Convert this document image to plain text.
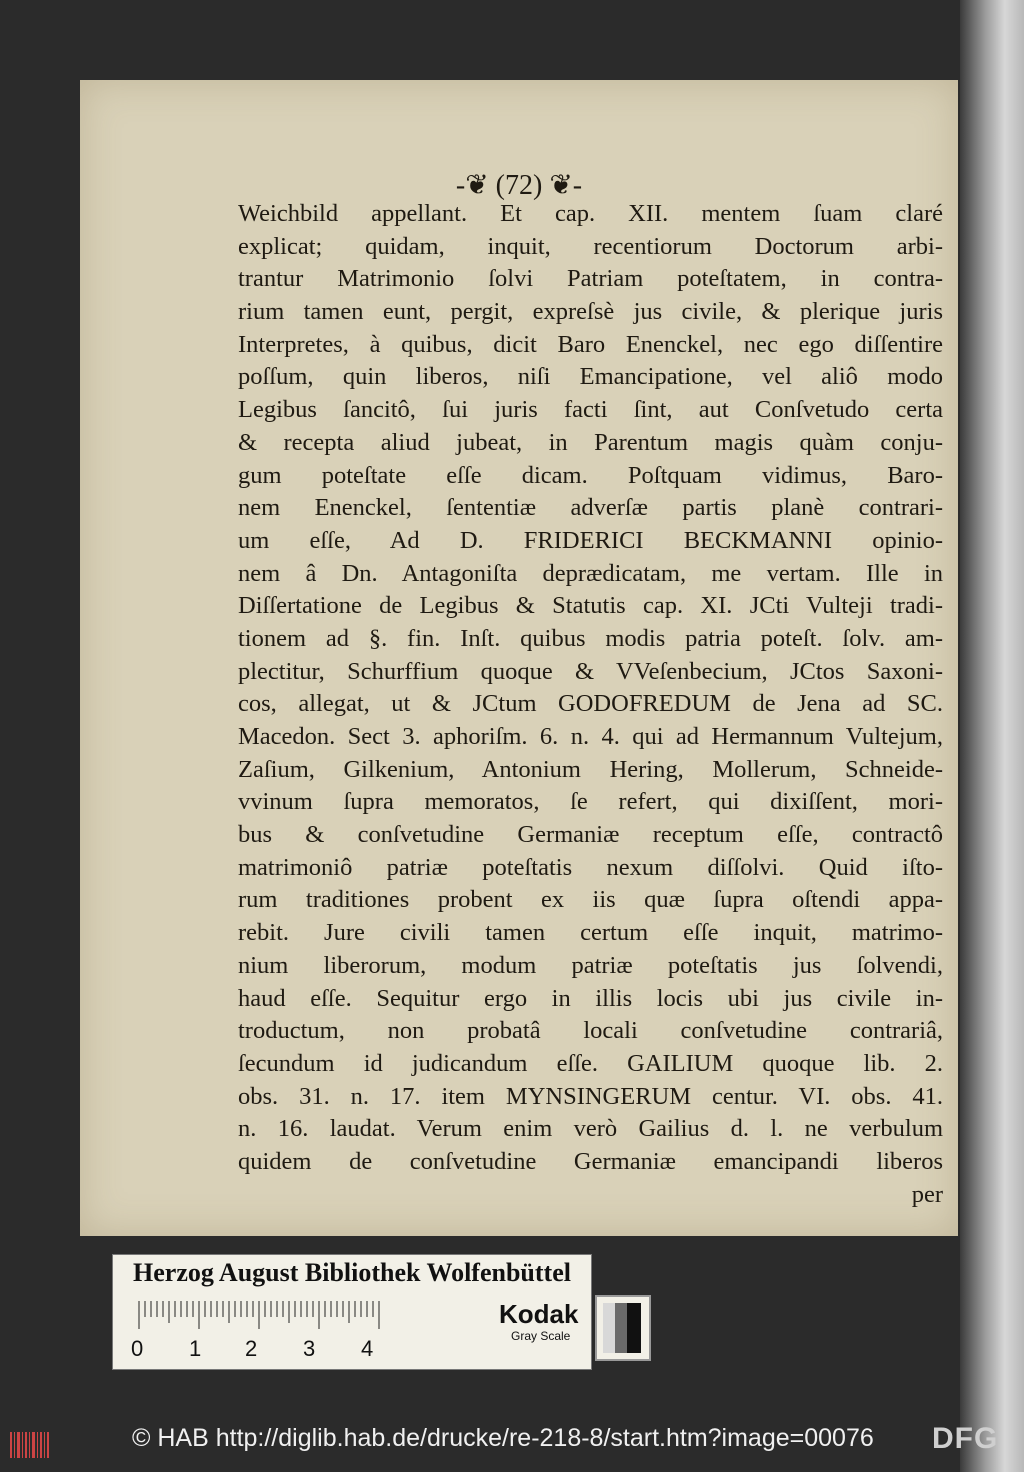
-❦ (72) ❦-
Weichbild appellant. Et cap. XII. mentem ſuam claré
explicat; quidam, inquit, recentiorum Doctorum arbi-
trantur Matrimonio ſolvi Patriam poteſtatem, in contra-
rium tamen eunt, pergit, expreſsè jus civile, & plerique juris
Interpretes, à quibus, dicit Baro Enenckel, nec ego diſſentire
poſſum, quin liberos, niſi Emancipatione, vel aliô modo
Legibus ſancitô, ſui juris facti ſint, aut Conſvetudo certa
& recepta aliud jubeat, in Parentum magis quàm conju-
gum poteſtate eſſe dicam. Poſtquam vidimus, Baro-
nem Enenckel, ſententiæ adverſæ partis planè contrari-
um eſſe, Ad D. FRIDERICI BECKMANNI opinio-
nem â Dn. Antagoniſta deprædicatam, me vertam. Ille in
Diſſertatione de Legibus & Statutis cap. XI. JCti Vulteji tradi-
tionem ad §. fin. Inſt. quibus modis patria poteſt. ſolv. am-
plectitur, Schurffium quoque & VVeſenbecium, JCtos Saxoni-
cos, allegat, ut & JCtum GODOFREDUM de Jena ad SC.
Macedon. Sect 3. aphoriſm. 6. n. 4. qui ad Hermannum Vultejum,
Zaſium, Gilkenium, Antonium Hering, Mollerum, Schneide-
vvinum ſupra memoratos, ſe refert, qui dixiſſent, mori-
bus & conſvetudine Germaniæ receptum eſſe, contractô
matrimoniô patriæ poteſtatis nexum diſſolvi. Quid iſto-
rum traditiones probent ex iis quæ ſupra oſtendi appa-
rebit. Jure civili tamen certum eſſe inquit, matrimo-
nium liberorum, modum patriæ poteſtatis jus ſolvendi,
haud eſſe. Sequitur ergo in illis locis ubi jus civile in-
troductum, non probatâ locali conſvetudine contrariâ,
ſecundum id judicandum eſſe. GAILIUM quoque lib. 2.
obs. 31. n. 17. item MYNSINGERUM centur. VI. obs. 41.
n. 16. laudat. Verum enim verò Gailius d. l. ne verbulum
quidem de conſvetudine Germaniæ emancipandi liberos
per
Herzog August Bibliothek Wolfenbüttel
0 1 2 3 4
Kodak
Gray Scale
© HAB http://diglib.hab.de/drucke/re-218-8/start.htm?image=00076 DFG
